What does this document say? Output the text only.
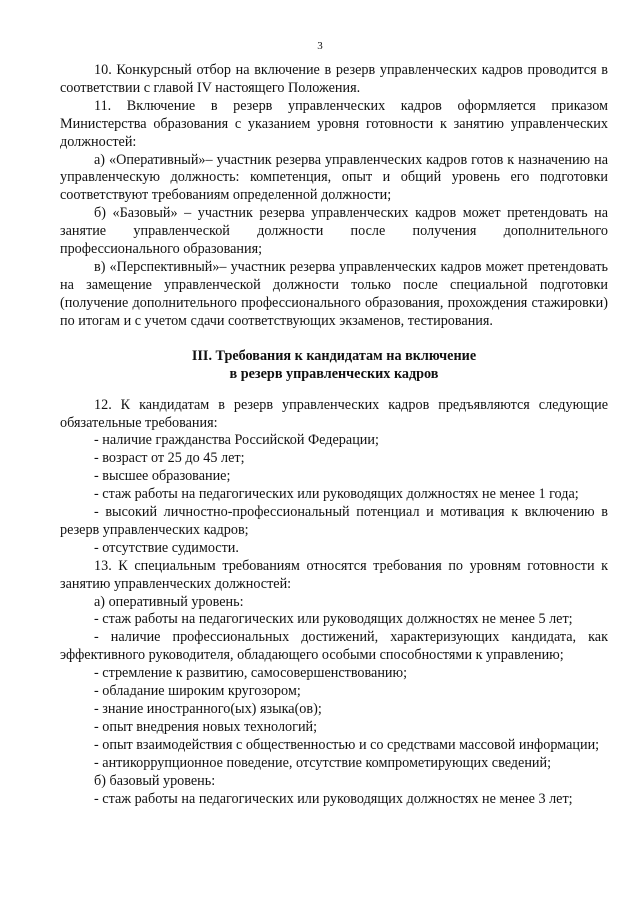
3

10. Конкурсный отбор на включение в резерв управленческих кадров проводится в соответствии с главой IV настоящего Положения.

11. Включение в резерв управленческих кадров оформляется приказом Министерства образования с указанием уровня готовности к занятию управленческих должностей:

а) «Оперативный»– участник резерва управленческих кадров готов к назначению на управленческую должность: компетенция, опыт и общий уровень его подготовки соответствуют требованиям определенной должности;

б) «Базовый» – участник резерва управленческих кадров может претендовать на занятие управленческой должности после получения дополнительного профессионального образования;

в) «Перспективный»– участник резерва управленческих кадров может претендовать на замещение управленческой должности только после специальной подготовки (получение дополнительного профессионального образования, прохождения стажировки) по итогам и с учетом сдачи соответствующих экзаменов, тестирования.

III. Требования к кандидатам на включение
в резерв управленческих кадров

12. К кандидатам в резерв управленческих кадров предъявляются следующие обязательные требования:

- наличие гражданства Российской Федерации;

- возраст от 25 до 45 лет;

- высшее образование;

- стаж работы на педагогических или руководящих должностях не менее 1 года;

- высокий личностно-профессиональный потенциал и мотивация к включению в резерв управленческих кадров;

- отсутствие судимости.

13. К специальным требованиям относятся требования по уровням готовности к занятию управленческих должностей:

а) оперативный уровень:

- стаж работы на педагогических или руководящих должностях не менее 5 лет;

- наличие профессиональных достижений, характеризующих кандидата, как эффективного руководителя, обладающего особыми способностями к управлению;

- стремление к развитию, самосовершенствованию;

- обладание широким кругозором;

- знание иностранного(ых) языка(ов);

- опыт внедрения новых технологий;

- опыт взаимодействия с общественностью и со средствами массовой информации;

- антикоррупционное поведение, отсутствие компрометирующих сведений;

б) базовый уровень:

- стаж работы на педагогических или руководящих должностях не менее 3 лет;
